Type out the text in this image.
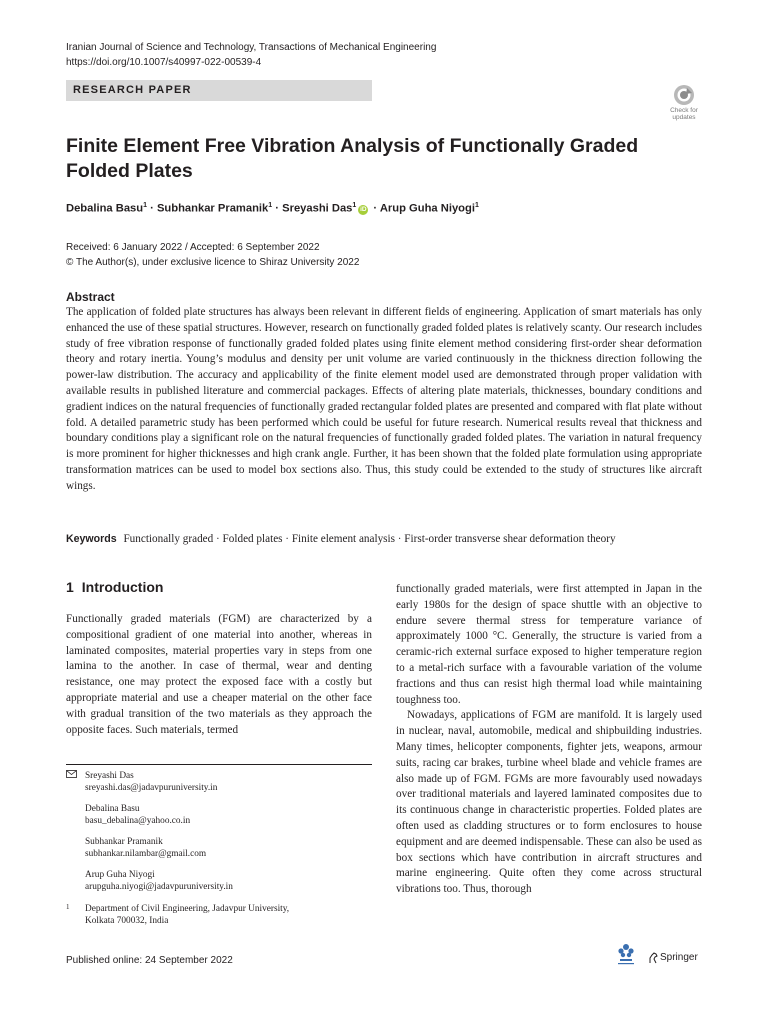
Iranian Journal of Science and Technology, Transactions of Mechanical Engineering
https://doi.org/10.1007/s40997-022-00539-4
RESEARCH PAPER
Check for
updates
Finite Element Free Vibration Analysis of Functionally Graded Folded Plates
Debalina Basu$^1$ · Subhankar Pramanik$^1$ · Sreyashi Das$^1$iD · Arup Guha Niyogi$^1$
Received: 6 January 2022 / Accepted: 6 September 2022
© The Author(s), under exclusive licence to Shiraz University 2022
Abstract

The application of folded plate structures has always been relevant in different fields of engineering. Application of smart materials has only enhanced the use of these spatial structures. However, research on functionally graded folded plates is relatively scanty. Our research includes study of free vibration response of functionally graded folded plates using finite element method considering first-order shear deformation theory and rotary inertia. Young’s modulus and density per unit volume are varied continuously in the thickness direction following the power-law distribution. The accuracy and applicability of the finite element model used are demonstrated through proper validation with available results in published literature and commercial packages. Effects of altering plate materials, thicknesses, boundary conditions and gradient indices on the natural frequencies of functionally graded rectangular folded plates are presented and compared with flat plate without fold. A detailed parametric study has been performed which could be useful for future research. Numerical results reveal that thickness and boundary conditions play a significant role on the natural frequencies of functionally graded folded plates. The variation in natural frequency is more prominent for higher thicknesses and high crank angle. Further, it has been shown that the folded plate formulation using appropriate transformation matrices can be used to model box sections also. Thus, this study could be extended to the study of structures like aircraft wings.

Keywords Functionally graded · Folded plates · Finite element analysis · First-order transverse shear deformation theory
1 Introduction

Functionally graded materials (FGM) are characterized by a compositional gradient of one material into another, whereas in laminated composites, material properties vary in steps from one lamina to the another. In case of thermal, wear and denting resistance, one may protect the exposed face with a costly but appropriate material and use a cheaper material on the other face with gradual transition of the two materials as they approach the opposite faces. Such materials, termed

functionally graded materials, were first attempted in Japan in the early 1980s for the design of space shuttle with an objective to endure severe thermal stress for temperature variance of approximately 1000 °C. Generally, the structure is varied from a ceramic-rich external surface exposed to higher temperature region to a metal-rich surface with a favourable variation of the volume fractions and thus can resist high thermal load while maintaining toughness too.

Nowadays, applications of FGM are manifold. It is largely used in nuclear, naval, automobile, medical and shipbuilding industries. Many times, helicopter components, fighter jets, weapons, armour suits, racing car brakes, turbine wheel blade and vehicle frames are also made up of FGM. FGMs are more favourably used nowadays over traditional materials and layered laminated composites due to its continuous change in characteristic properties. Folded plates are often used as cladding structures or to form enclosures to house equipment and are deemed indispensable. These can also be used as box sections which have contribution in aircraft structures and marine engineering. Quite often they come across structural vibrations too. Thus, thorough

Sreyashi Das
sreyashi.das@jadavpuruniversity.in
Debalina Basu
basu_debalina@yahoo.co.in
Subhankar Pramanik
subhankar.nilambar@gmail.com
Arup Guha Niyogi
arupguha.niyogi@jadavpuruniversity.in
1 Department of Civil Engineering, Jadavpur University,
Kolkata 700032, India
Published online: 24 September 2022	Springer
